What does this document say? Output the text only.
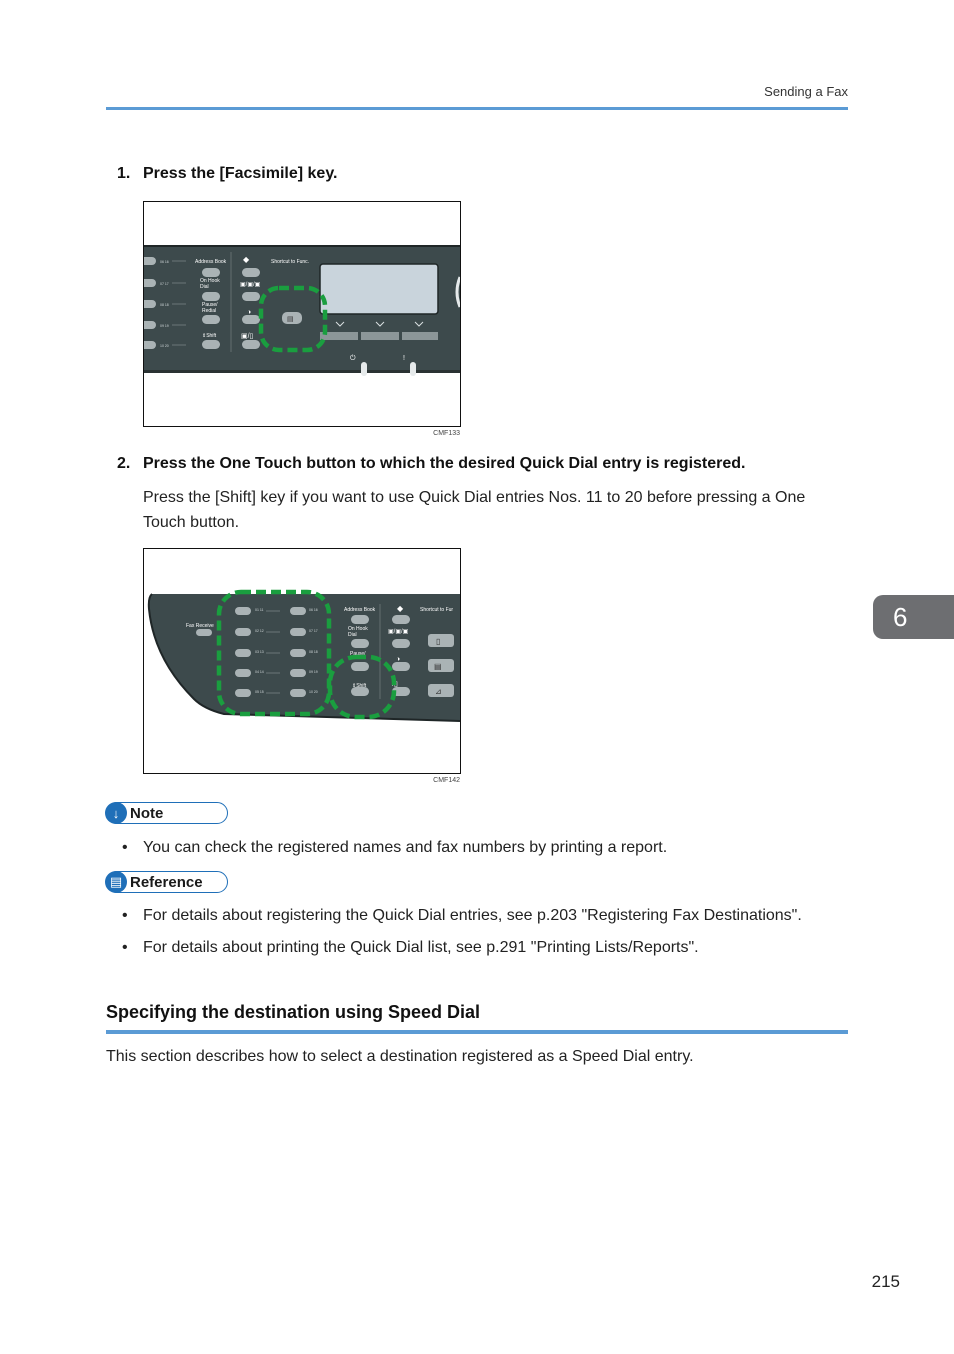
Sending a Fax
1. Press the [Facsimile] key.
06 16
07 17
08 18
09 19
10 20
Address Book	Shortcut to Func.
On Hook
Dial
Pause/
Redial
⇕Shift
◆
▣/▣/▣
◑
▣/▯
⏻	!
▤
CMF133
2. Press the One Touch button to which the desired Quick Dial entry is registered.
Press the [Shift] key if you want to use Quick Dial entries Nos. 11 to 20 before pressing a One
Touch button.
Fax Receive
01 11
02 12
03 13
04 14
05 15
06 16
07 17
08 18
09 19
10 20
Address Book	Shortcut to Fur
◆
On Hook
Dial
Pause/
⇕Shift
▣/▣/▣
◑
/▯
▯
▤
⊿
CMF142
↓ Note
• You can check the registered names and fax numbers by printing a report.
▤ Reference
• For details about registering the Quick Dial entries, see p.203 "Registering Fax Destinations".
• For details about printing the Quick Dial list, see p.291 "Printing Lists/Reports".
Specifying the destination using Speed Dial
This section describes how to select a destination registered as a Speed Dial entry.
6
215
